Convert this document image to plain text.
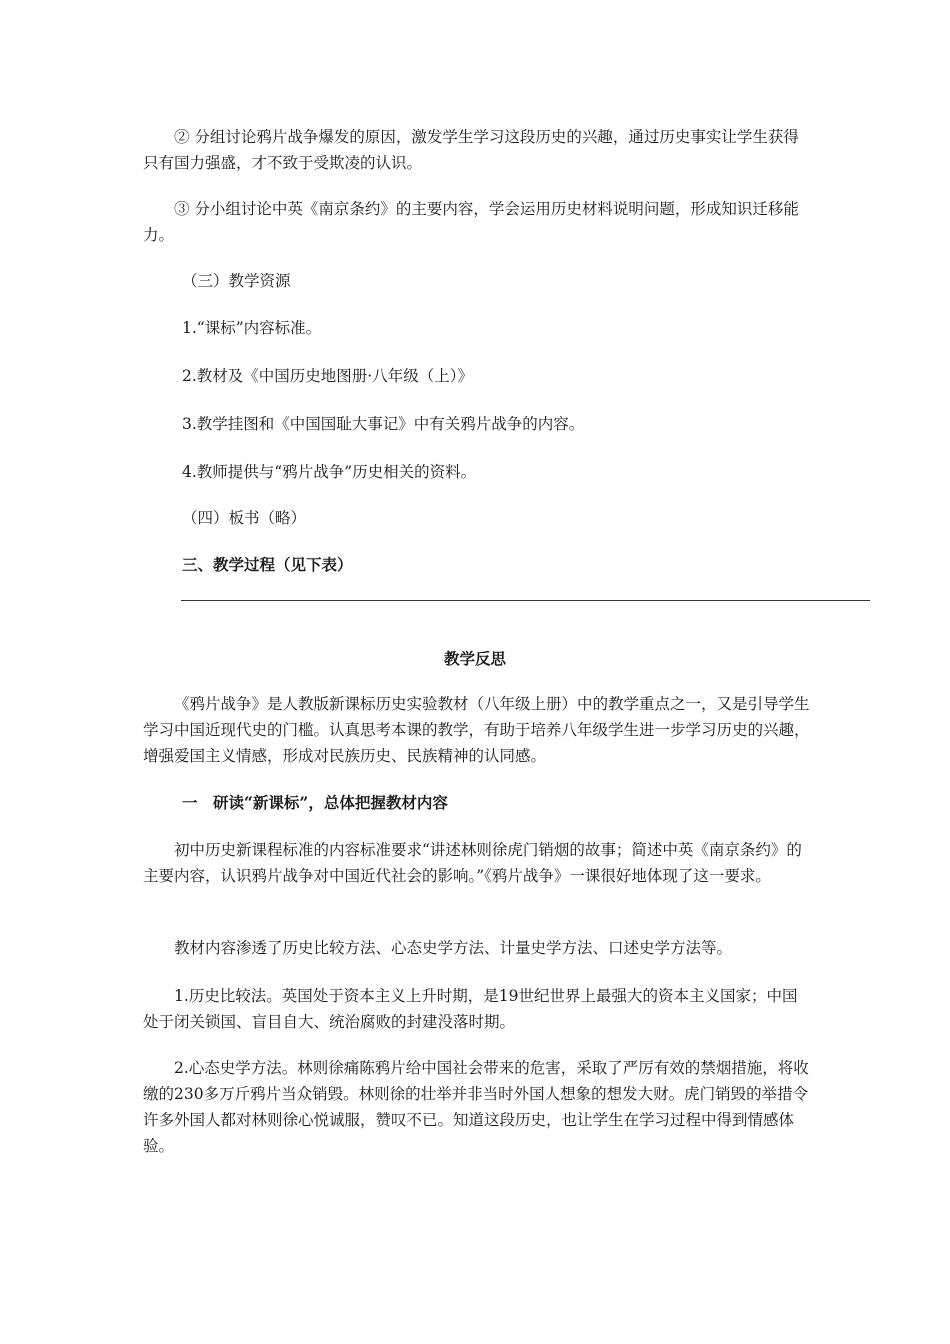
② 分组讨论鸦片战争爆发的原因，激发学生学习这段历史的兴趣，通过历史事实让学生获得只有国力强盛，才不致于受欺凌的认识。

③ 分小组讨论中英《南京条约》的主要内容，学会运用历史材料说明问题，形成知识迁移能力。

（三）教学资源

1.“课标”内容标准。

2.教材及《中国历史地图册·八年级（上）》

3.教学挂图和《中国国耻大事记》中有关鸦片战争的内容。

4.教师提供与“鸦片战争”历史相关的资料。

（四）板书（略）

三、教学过程（见下表）

教学反思

《鸦片战争》是人教版新课标历史实验教材（八年级上册）中的教学重点之一，又是引导学生学习中国近现代史的门槛。认真思考本课的教学，有助于培养八年级学生进一步学习历史的兴趣，增强爱国主义情感，形成对民族历史、民族精神的认同感。

一　研读“新课标”，总体把握教材内容

初中历史新课程标准的内容标准要求“讲述林则徐虎门销烟的故事；简述中英《南京条约》的主要内容，认识鸦片战争对中国近代社会的影响。”《鸦片战争》一课很好地体现了这一要求。

教材内容渗透了历史比较方法、心态史学方法、计量史学方法、口述史学方法等。

1.历史比较法。英国处于资本主义上升时期，是19世纪世界上最强大的资本主义国家；中国处于闭关锁国、盲目自大、统治腐败的封建没落时期。

2.心态史学方法。林则徐痛陈鸦片给中国社会带来的危害，采取了严厉有效的禁烟措施，将收缴的230多万斤鸦片当众销毁。林则徐的壮举并非当时外国人想象的想发大财。虎门销毁的举措令许多外国人都对林则徐心悦诚服，赞叹不已。知道这段历史，也让学生在学习过程中得到情感体验。
